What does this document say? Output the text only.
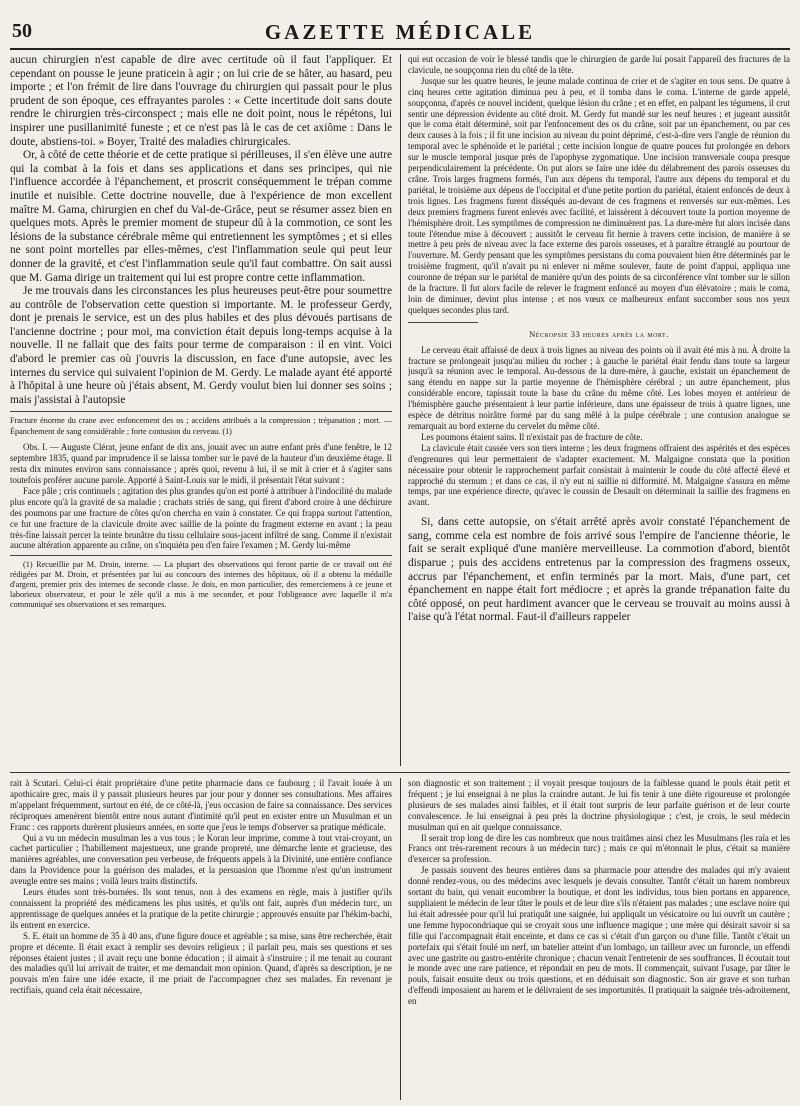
50	GAZETTE MÉDICALE

aucun chirurgien n'est capable de dire avec certitude où il faut l'appliquer. Et cependant on pousse le jeune praticein à agir ; on lui crie de se hâter, au hasard, peu importe ; et l'on frémit de lire dans l'ouvrage du chirurgien qui passait pour le plus prudent de son époque, ces effrayantes paroles : « Cette incertitude doit sans doute rendre le chirurgien très-circonspect ; mais elle ne doit point, nous le répétons, lui inspirer une pusillanimité funeste ; et ce n'est pas là le cas de cet axiôme : Dans le doute, abstiens-toi. » Boyer, Traité des maladies chirurgicales.

Or, à côté de cette théorie et de cette pratique si périlleuses, il s'en élève une autre qui la combat à la fois et dans ses applications et dans ses principes, qui nie l'influence accordée à l'épanchement, et proscrit conséquemment le trépan comme inutile et nuisible. Cette doctrine nouvelle, due à l'expérience de mon excellent maître M. Gama, chirurgien en chef du Val-de-Grâce, peut se résumer assez bien en quelques mots. Après le premier moment de stupeur dû à la commotion, ce sont les lésions de la substance cérébrale même qui entretiennent les symptômes ; et si elles ne sont point mortelles par elles-mêmes, c'est l'inflammation seule qui peut leur donner de la gravité, et c'est l'inflammation seule qu'il faut combattre. On sait aussi que M. Gama dirige un traitement qui lui est propre contre cette inflammation.

Je me trouvais dans les circonstances les plus heureuses peut-être pour soumettre au contrôle de l'observation cette question si importante. M. le professeur Gerdy, dont je prenais le service, est un des plus habiles et des plus dévoués partisans de l'ancienne doctrine ; pour moi, ma conviction était depuis long-temps acquise à la nouvelle. Il ne fallait que des faits pour terme de comparaison : il en vint. Voici d'abord le premier cas où j'ouvris la discussion, en face d'une autopsie, avec les internes du service qui suivaient l'opinion de M. Gerdy. Le malade ayant été apporté à l'hôpital à une heure où j'étais absent, M. Gerdy voulut bien lui donner ses soins ; mais j'assistai à l'autopsie

Fracture énorme du crane avec enfoncement des os ; accidens attribués a la compression ; trépanation ; mort. — Épanchement de sang considérable ; forte contusion du cerveau. (1)

Obs. I. — Auguste Clérat, jeune enfant de dix ans, jouait avec un autre enfant près d'une fenêtre, le 12 septembre 1835, quand par imprudence il se laissa tomber sur le pavé de la hauteur d'un deuxième étage. Il resta dix minutes environ sans connaissance ; après quoi, revenu à lui, il se mit à crier et à s'agiter sans toutefois proférer aucune parole. Apporté à Saint-Louis sur le midi, il présentait l'état suivant :

Face pâle ; cris continuels ; agitation des plus grandes qu'on est porté à attribuer à l'indocilité du malade plus encore qu'à la gravité de sa maladie ; crachats striés de sang, qui firent d'abord croire à une déchirure des poumons par une fracture de côtes qu'on chercha en vain à constater. Ce qui frappa surtout l'attention, ce fut une fracture de la clavicule droite avec saillie de la pointe du fragment externe en avant ; la peau très-fine laissait percer la teinte brunâtre du tissu cellulaire sous-jacent infiltré de sang. Comme il n'existait aucune altération apparente au crâne, on s'inquiéta peu d'en faire l'examen ; M. Gerdy lui-même

(1) Recueillie par M. Droin, interne. — La plupart des observations qui feront partie de ce travail ont été rédigées par M. Droin, et présentées par lui au concours des internes des hôpitaux, où il a obtenu la médaille d'argent, premier prix des internes de seconde classe. Je dois, en mon particulier, des remerciemens à ce jeune et laborieux observateur, et pour le zèle qu'il a mis à me seconder, et pour l'obligeance avec laquelle il m'a communiqué ses observations et ses remarques.

qui eut occasion de voir le blessé tandis que le chirurgien de garde lui posait l'appareil des fractures de la clavicule, ne soupçonna rien du côté de la tête.

Jusque sur les quatre heures, le jeune malade continua de crier et de s'agiter en tous sens. De quatre à cinq heures cette agitation diminua peu à peu, et il tomba dans le coma. L'interne de garde appelé, soupçonna, d'après ce nouvel incident, quelque lésion du crâne ; et en effet, en palpant les tégumens, il crut sentir une dépression évidente au côté droit. M. Gerdy fut mandé sur les neuf heures ; et jugeant aussitôt que le coma était déterminé, soit par l'enfoncement des os du crâne, soit par un épanchement, ou par ces deux causes à la fois ; il fit une incision au niveau du point déprimé, c'est-à-dire vers l'angle de réunion du temporal avec le sphénoïde et le pariétal ; cette incision longue de quatre pouces fut prolongée en dehors sur le muscle temporal jusque près de l'apophyse zygomatique. Une incision transversale coupa presque perpendiculairement la précédente. On put alors se faire une idée du délabrement des parois osseuses du crâne. Trois larges fragmens formés, l'un aux dépens du temporal, l'autre aux dépens du temporal et du pariétal, le troisième aux dépens de l'occipital et d'une petite portion du pariétal, étaient enfoncés de deux à trois lignes. Les fragmens furent disséqués au-devant de ces fragmens et renversés sur eux-mêmes. Les deux premiers fragmens furent enlevés avec facilité, et laissèrent à découvert toute la portion moyenne de l'hémisphère droit. Les symptômes de compression ne diminuèrent pas. La dure-mère fut alors incisée dans toute l'étendue mise à découvert ; aussitôt le cerveau fit hernie à travers cette incision, de manière à se mettre à peu près de niveau avec la face externe des parois osseuses, et à paraître étranglé au pourtour de l'ouverture. M. Gerdy pensant que les symptômes persistans du coma pouvaient bien être déterminés par le troisième fragment, qu'il n'avait pu ni enlever ni même soulever, faute de point d'appui, appliqua une couronne de trépan sur le pariétal de manière qu'un des points de sa circonférence vînt tomber sur le sillon de la fracture. Il fut alors facile de relever le fragment enfoncé au moyen d'un élévatoire ; mais le coma, loin de diminuer, devint plus intense ; et nos vœux ce malheureux enfant succomber sous nos yeux quelques secondes plus tard.

Nécropsie 33 heures après la mort.

Le cerveau était affaissé de deux à trois lignes au niveau des points où il avait été mis à nu. À droite la fracture se prolongeait jusqu'au milieu du rocher ; à gauche le pariétal était fendu dans toute sa largeur jusqu'à sa réunion avec le temporal. Au-dessous de la dure-mère, à gauche, existait un épanchement de sang étendu en nappe sur la partie moyenne de l'hémisphère cérébral ; un autre épanchement, plus considérable encore, tapissait toute la base du crâne du même côté. Les lobes moyen et antérieur de l'hémisphère gauche présentaient à leur partie inférieure, dans une épaisseur de trois à quatre lignes, une espèce de détritus noirâtre formé par du sang mêlé à la pulpe cérébrale ; une contusion analogue se remarquait au bord externe du cervelet du même côté.

Les poumons étaient sains. Il n'existait pas de fracture de côte.

La clavicule était cassée vers son tiers interne ; les deux fragmens offraient des aspérités et des espèces d'engrenures qui leur permettaient de s'adapter exactement. M. Malgaigne constata que la position nécessaire pour obtenir le rapprochement parfait consistait à maintenir le coude du côté affecté élevé et rapproché du sternum ; et dans ce cas, il n'y eut ni saillie ni difformité. M. Malgaigne s'assura en même temps, par une expérience directe, qu'avec le coussin de Desault on déterminait la saillie des fragmens en avant.

Si, dans cette autopsie, on s'était arrêté après avoir constaté l'épanchement de sang, comme cela est nombre de fois arrivé sous l'empire de l'ancienne théorie, le fait se serait expliqué d'une manière merveilleuse. La commotion d'abord, bientôt disparue ; puis des accidens entretenus par la compression des fragmens osseux, accrus par l'épanchement, et enfin terminés par la mort. Mais, d'une part, cet épanchement en nappe était fort médiocre ; et après la grande trépanation faite du côté opposé, on peut hardiment avancer que le cerveau se trouvait au moins aussi à l'aise qu'à l'état normal. Faut-il d'ailleurs rappeler

rait à Scutari. Celui-ci était propriétaire d'une petite pharmacie dans ce faubourg ; il l'avait louée à un apothicaire grec, mais il y passait plusieurs heures par jour pour y donner ses consultations. Mes affaires m'appelant fréquemment, surtout en été, de ce côté-là, j'eus occasion de faire sa connaissance. Des services réciproques amenèrent bientôt entre nous autant d'intimité qu'il peut en exister entre un Musulman et un Franc : ces rapports durèrent plusieurs années, en sorte que j'eus le temps d'observer sa pratique médicale.

Qui a vu un médecin musulman les a vus tous ; le Koran leur imprime, comme à tout vrai-croyant, un cachet particulier ; l'habillement majestueux, une grande propreté, une démarche lente et gracieuse, des manières agréables, une conversation peu verbeuse, de fréquents appels à la Divinité, une entière confiance dans la Providence pour la guérison des malades, et la persuasion que l'homme n'est qu'un instrument aveugle entre ses mains ; voilà leurs traits distinctifs.

Leurs études sont très-bornées. Ils sont tenus, non à des examens en règle, mais à justifier qu'ils connaissent la propriété des médicamens les plus usités, et qu'ils ont fait, auprès d'un médecin turc, un apprentissage de quelques années et la pratique de la petite chirurgie ; approuvés ensuite par l'hékim-bachi, ils entrent en exercice.

S. E. était un homme de 35 à 40 ans, d'une figure douce et agréable ; sa mise, sans être recherchée, était propre et décente. Il était exact à remplir ses devoirs religieux ; il parlait peu, mais ses questions et ses réponses étaient justes ; il avait reçu une bonne éducation ; il aimait à s'instruire ; il me tenait au courant des maladies qu'il lui arrivait de traiter, et me demandait mon opinion. Quand, d'après sa description, je ne pouvais m'en faire une idée exacte, il me priait de l'accompagner chez ses malades. En revenant je rectifiais, quand cela était nécessaire,

son diagnostic et son traitement ; il voyait presque toujours de la faiblesse quand le pouls était petit et fréquent ; je lui enseignai à ne plus la craindre autant. Je lui fis tenir à une diète rigoureuse et prolongée plusieurs de ses malades ainsi faibles, et il était tout surpris de leur parfaite guérison et de leur courte convalescence. Je lui enseignai à peu près la doctrine physiologique ; c'est, je crois, le seul médecin musulman qui en ait quelque connaissance.

Il serait trop long de dire les cas nombreux que nous traitâmes ainsi chez les Musulmans (les raïa et les Francs ont très-rarement recours à un médecin turc) ; mais ce qui m'étonnait le plus, c'était sa manière d'exercer sa profession.

Je passais souvent des heures entières dans sa pharmacie pour attendre des malades qui m'y avaient donné rendez-vous, ou des médecins avec lesquels je devais consulter. Tantôt c'était un harem nombreux sortant du bain, qui venait encombrer la boutique, et dont les individus, tous bien portans en apparence, suppliaient le médecin de leur tâter le pouls et de leur dire s'ils n'étaient pas malades ; une esclave noire qui lui était adressée pour qu'il lui pratiquât une saignée, lui appliquât un vésicatoire ou lui ouvrît un cautère ; une femme hypocondriaque qui se croyait sous une influence magique ; une mère qui désirait savoir si sa fille qui l'accompagnait était enceinte, et dans ce cas si c'était d'un garçon ou d'une fille. Tantôt c'était un portefaix qui s'était foulé un nerf, un batelier atteint d'un lombago, un tailleur avec un furoncle, un effendi avec une gastrite ou gastro-entérite chronique ; chacun venait l'entretenir de ses souffrances. Il écoutait tout le monde avec une rare patience, et répondait en peu de mots. Il commençait, suivant l'usage, par tâter le pouls, faisait ensuite deux ou trois questions, et en déduisait son diagnostic. Son air grave et son turban d'effendi imposaient au harem et le délivraient de ses importunités. Il pratiquait la saignée très-adroitement, en
